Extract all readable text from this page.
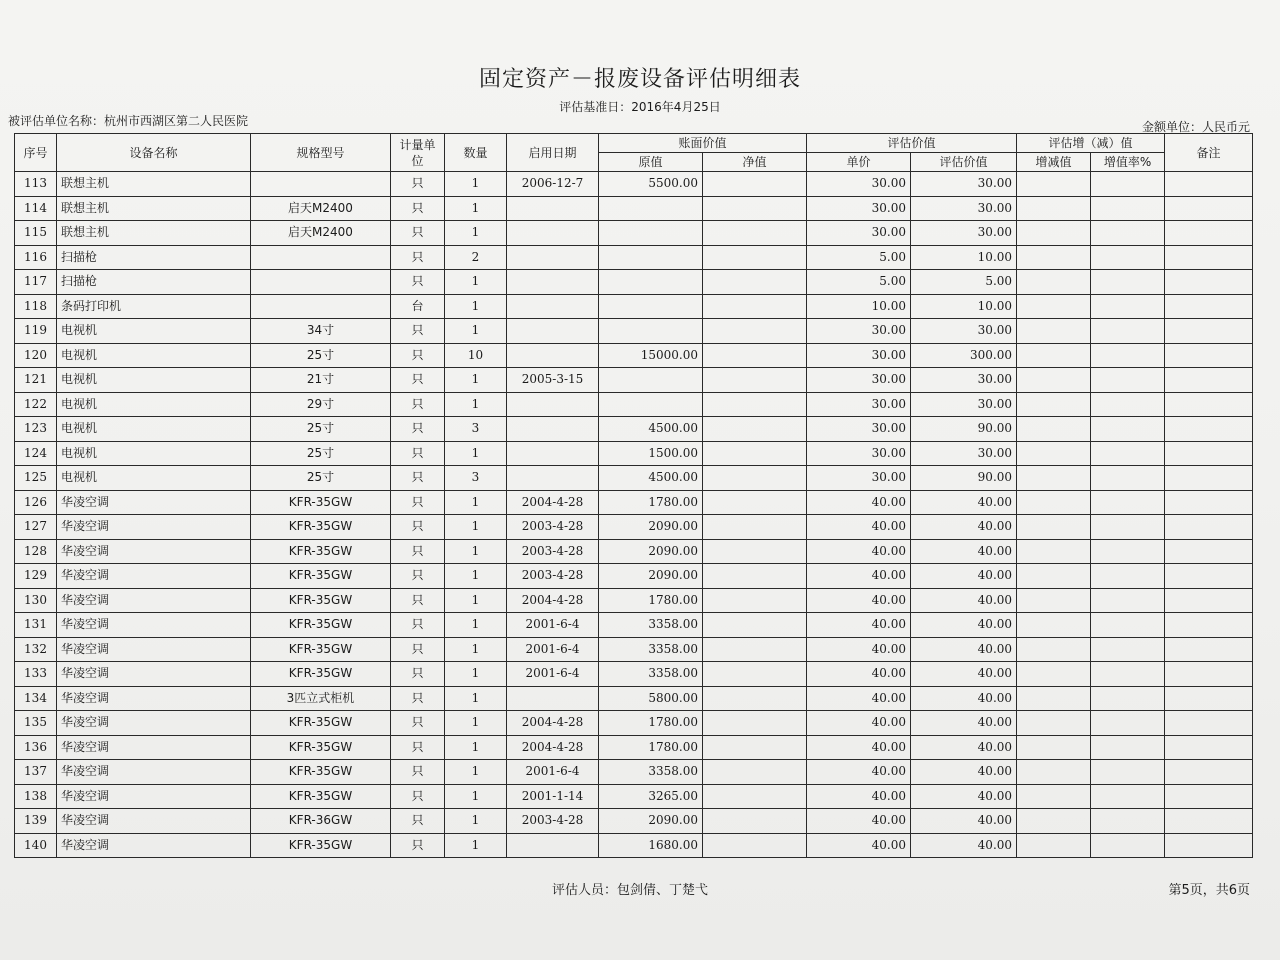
固定资产－报废设备评估明细表
评估基准日：2016年4月25日
被评估单位名称：杭州市西湖区第二人民医院	金额单位：人民币元
序号	设备名称	规格型号	计量单位	数量	启用日期	账面价值		评估价值		评估增（减）值		备注
						原值	净值	单价	评估价值	增减值	增值率%	
113	联想主机		只	1	2006-12-7	5500.00		30.00	30.00			
114	联想主机	启天M2400	只	1				30.00	30.00			
115	联想主机	启天M2400	只	1				30.00	30.00			
116	扫描枪		只	2				5.00	10.00			
117	扫描枪		只	1				5.00	5.00			
118	条码打印机		台	1				10.00	10.00			
119	电视机	34寸	只	1				30.00	30.00			
120	电视机	25寸	只	10		15000.00		30.00	300.00			
121	电视机	21寸	只	1	2005-3-15			30.00	30.00			
122	电视机	29寸	只	1				30.00	30.00			
123	电视机	25寸	只	3		4500.00		30.00	90.00			
124	电视机	25寸	只	1		1500.00		30.00	30.00			
125	电视机	25寸	只	3		4500.00		30.00	90.00			
126	华凌空调	KFR-35GW	只	1	2004-4-28	1780.00		40.00	40.00			
127	华凌空调	KFR-35GW	只	1	2003-4-28	2090.00		40.00	40.00			
128	华凌空调	KFR-35GW	只	1	2003-4-28	2090.00		40.00	40.00			
129	华凌空调	KFR-35GW	只	1	2003-4-28	2090.00		40.00	40.00			
130	华凌空调	KFR-35GW	只	1	2004-4-28	1780.00		40.00	40.00			
131	华凌空调	KFR-35GW	只	1	2001-6-4	3358.00		40.00	40.00			
132	华凌空调	KFR-35GW	只	1	2001-6-4	3358.00		40.00	40.00			
133	华凌空调	KFR-35GW	只	1	2001-6-4	3358.00		40.00	40.00			
134	华凌空调	3匹立式柜机	只	1		5800.00		40.00	40.00			
135	华凌空调	KFR-35GW	只	1	2004-4-28	1780.00		40.00	40.00			
136	华凌空调	KFR-35GW	只	1	2004-4-28	1780.00		40.00	40.00			
137	华凌空调	KFR-35GW	只	1	2001-6-4	3358.00		40.00	40.00			
138	华凌空调	KFR-35GW	只	1	2001-1-14	3265.00		40.00	40.00			
139	华凌空调	KFR-36GW	只	1	2003-4-28	2090.00		40.00	40.00			
140	华凌空调	KFR-35GW	只	1		1680.00		40.00	40.00			
评估人员：包剑倩、丁楚弋	第5页，共6页
